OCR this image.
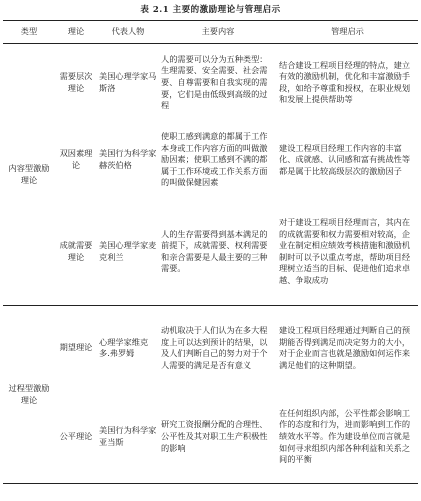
表 2.1 主要的激励理论与管理启示
类型	理论	代表人物	主要内容	管理启示
内容型激励理论	需要层次理论	美国心理学家马斯洛	人的需要可以分为五种类型：生理需要、安全需要、社会需要、自尊需要和自我实现的需要，它们是由低级到高级的过程	结合建设工程项目经理的特点，建立有效的激励机制，优化和丰富激励手段，如给予尊重和授权，在职业规划和发展上提供帮助等
	双因素理论	美国行为科学家赫茨伯格	使职工感到满意的都属于工作本身或工作内容方面的叫做激励因素；使职工感到不满的都属于工作环境或工作关系方面的叫做保健因素	建设工程项目经理工作内容的丰富化、成就感、认同感和富有挑战性等都是属于比较高级层次的激励因子
	成就需要理论	美国心理学家麦克利兰	人的生存需要得到基本满足的前提下，成就需要、权利需要和亲合需要是人最主要的三种需要。	对于建设工程项目经理而言，其内在的成就需要和权力需要相对较高，企业在制定相应绩效考核措施和激励机制时可以予以重点考虑，帮助项目经理树立适当的目标、促进他们追求卓越、争取成功
过程型激励理论	期望理论	心理学家维克多.弗罗姆	动机取决于人们认为在多大程度上可以达到预计的结果，以及人们判断自己的努力对于个人需要的满足是否有意义	建设工程项目经理通过判断自己的预期能否得到满足而决定努力的大小，对于企业而言也就是激励如何运作来满足他们的这种期望。
	公平理论	美国行为科学家亚当斯	研究工资报酬分配的合理性、公平性及其对职工生产积极性的影响	在任何组织内部，公平性都会影响工作的态度和行为，进而影响到工作的绩效水平等。作为建设单位而言就是如何寻求组织内部各种利益和关系之间的平衡
